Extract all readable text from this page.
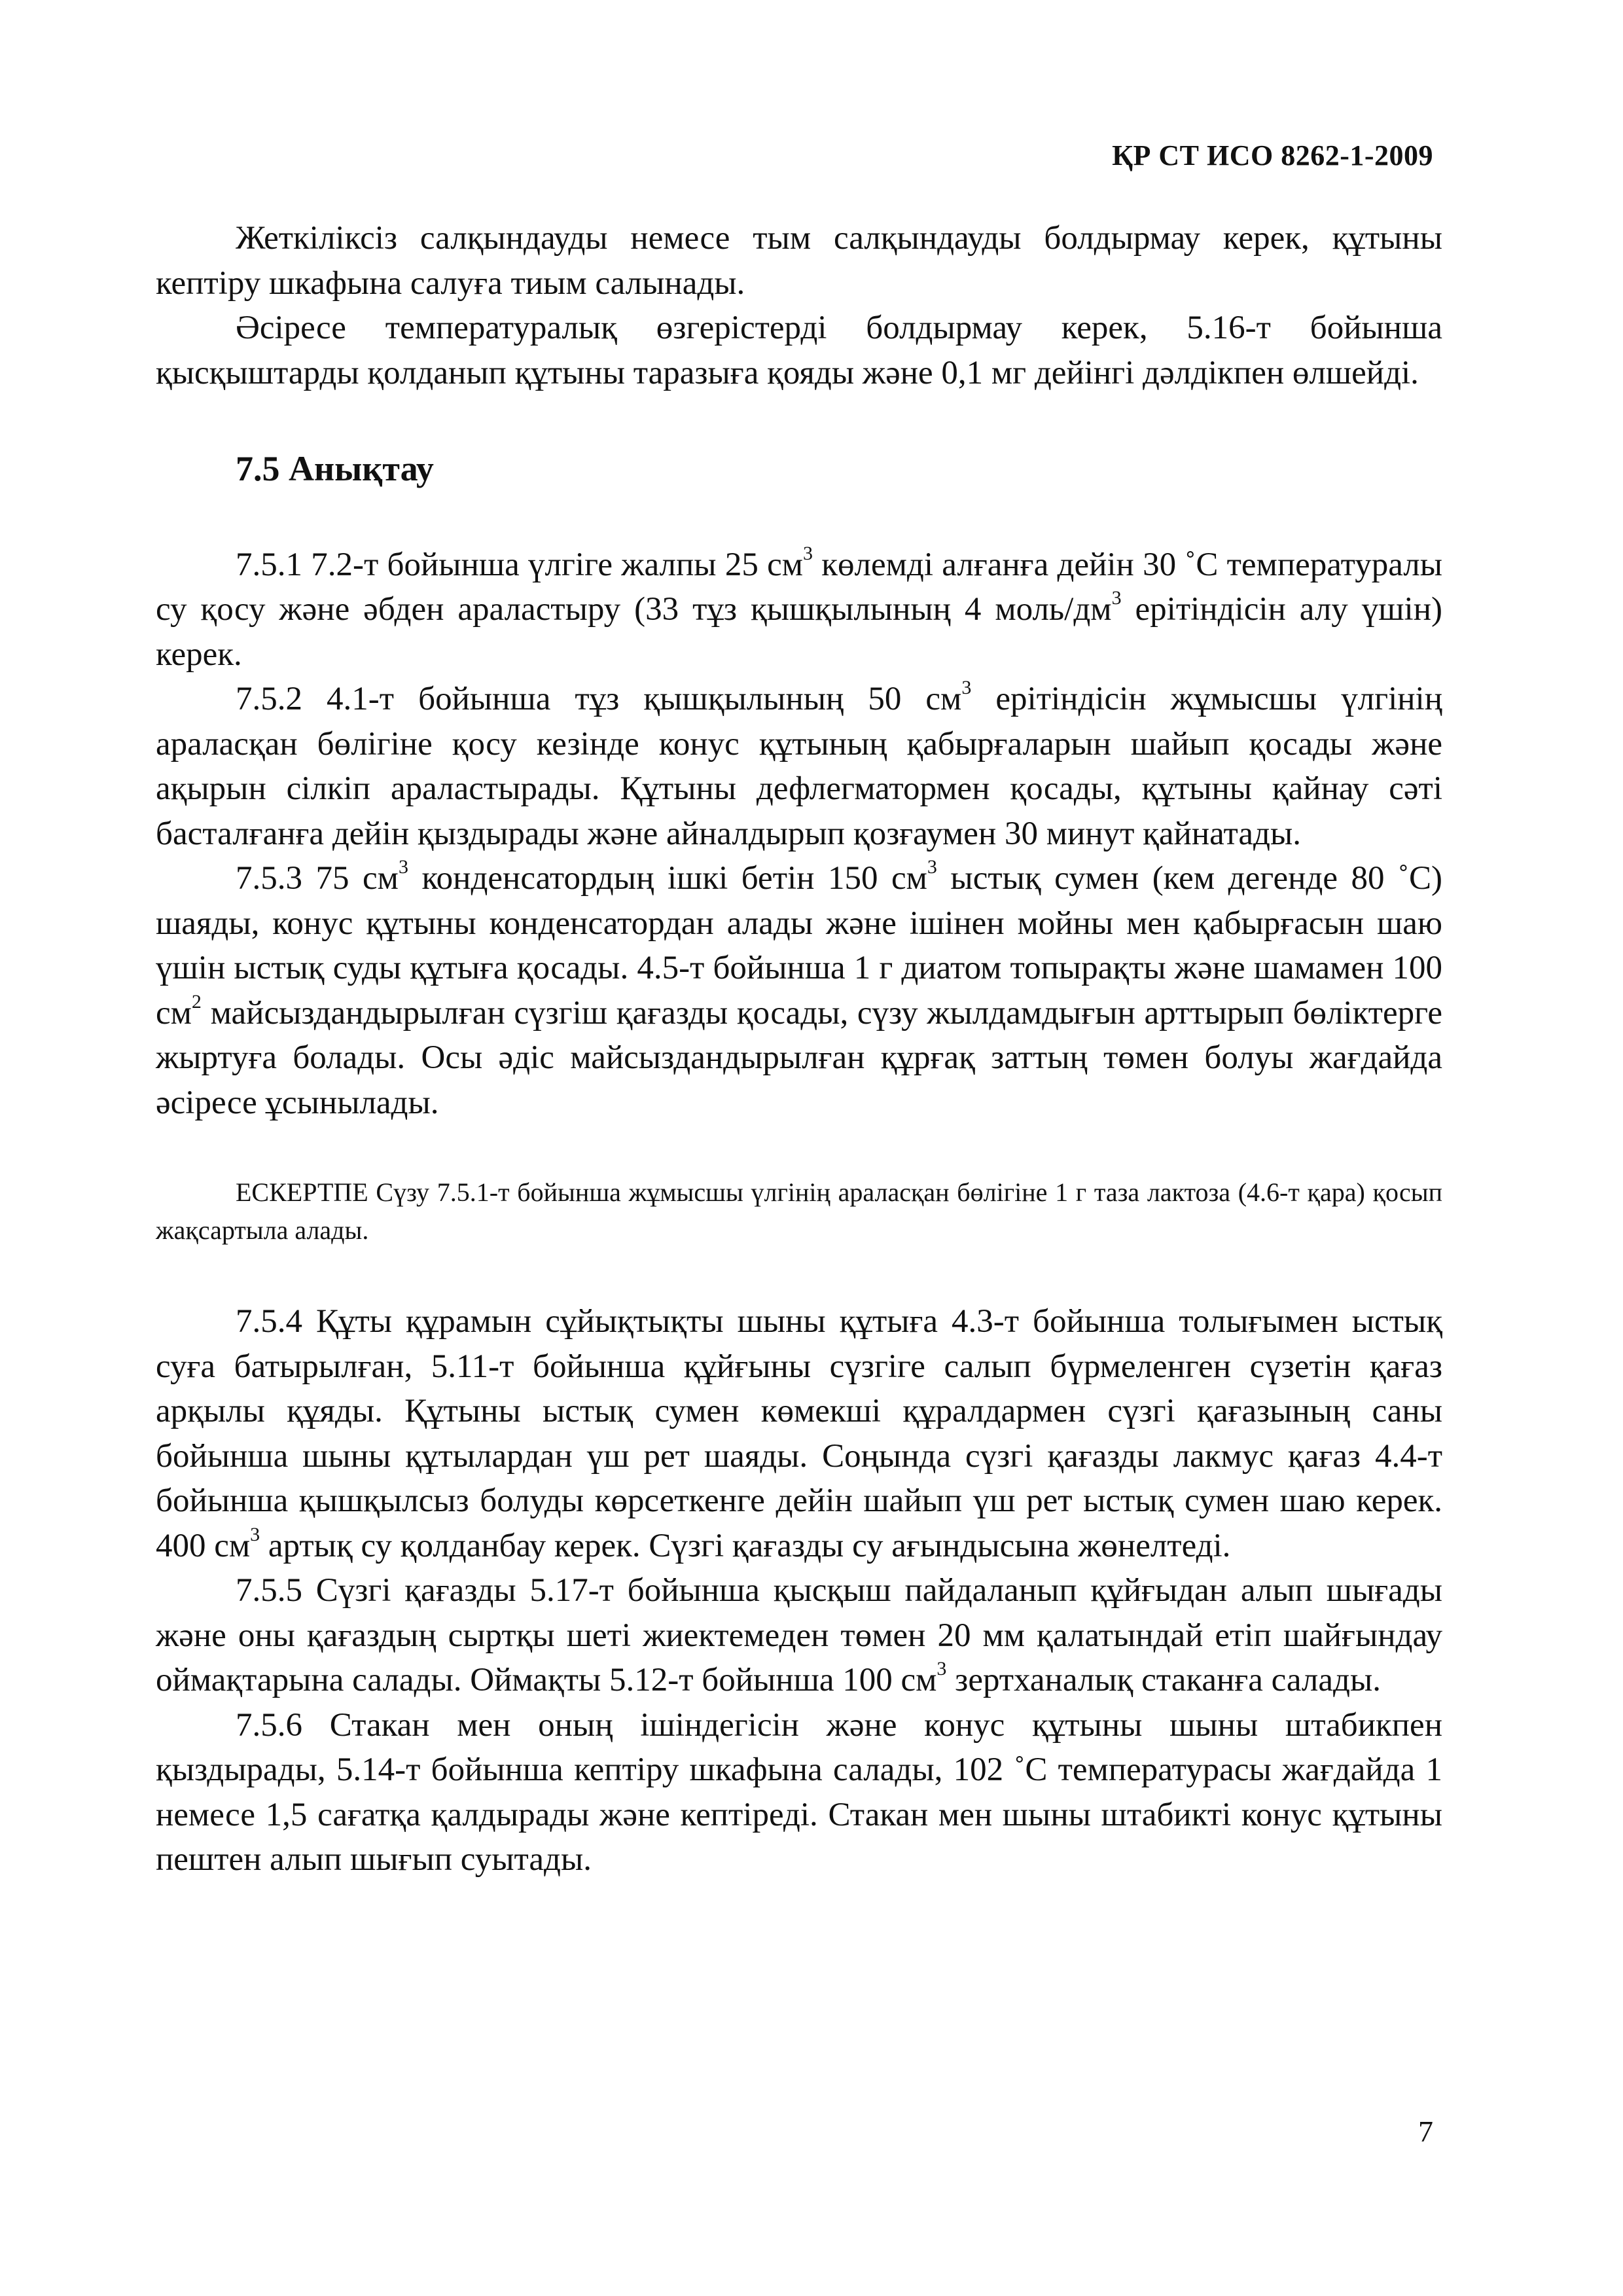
ҚР СТ ИСО 8262-1-2009

Жеткіліксіз салқындауды немесе тым салқындауды болдырмау керек, құтыны кептіру шкафына салуға тиым салынады.

Әсіресе температуралық өзгерістерді болдырмау керек, 5.16-т бойынша қысқыштарды қолданып құтыны таразыға қояды және 0,1 мг дейінгі дәлдікпен өлшейді.

7.5 Анықтау

7.5.1 7.2-т бойынша үлгіге жалпы 25 $см^3$ көлемді алғанға дейін 30 ˚С температуралы су қосу және әбден араластыру (33 тұз қышқылының 4 моль/$дм^3$ ерітіндісін алу үшін) керек.

7.5.2 4.1-т бойынша тұз қышқылының 50 $см^3$ ерітіндісін жұмысшы үлгінің араласқан бөлігіне қосу кезінде конус құтының қабырғаларын шайып қосады және ақырын сілкіп араластырады. Құтыны дефлегматормен қосады, құтыны қайнау сәті басталғанға дейін қыздырады және айналдырып қозғаумен 30 минут қайнатады.

7.5.3 75 $см^3$ конденсатордың ішкі бетін 150 $см^3$ ыстық сумен (кем дегенде 80 ˚С) шаяды, конус құтыны конденсатордан алады және ішінен мойны мен қабырғасын шаю үшін ыстық суды құтыға қосады. 4.5-т бойынша 1 г диатом топырақты және шамамен 100 $см^2$ майсыздандырылған сүзгіш қағазды қосады, сүзу жылдамдығын арттырып бөліктерге жыртуға болады. Осы әдіс майсыздандырылған құрғақ заттың төмен болуы жағдайда әсіресе ұсынылады.

ЕСКЕРТПЕ Сүзу 7.5.1-т бойынша жұмысшы үлгінің араласқан бөлігіне 1 г таза лактоза (4.6-т қара) қосып жақсартыла алады.

7.5.4 Құты құрамын сұйықтықты шыны құтыға 4.3-т бойынша толығымен ыстық суға батырылған, 5.11-т бойынша құйғыны сүзгіге салып бүрмеленген сүзетін қағаз арқылы құяды. Құтыны ыстық сумен көмекші құралдармен сүзгі қағазының саны бойынша шыны құтылардан үш рет шаяды. Соңында сүзгі қағазды лакмус қағаз 4.4-т бойынша қышқылсыз болуды көрсеткенге дейін шайып үш рет ыстық сумен шаю керек. 400 $см^3$ артық су қолданбау керек. Сүзгі қағазды су ағындысына жөнелтеді.

7.5.5 Сүзгі қағазды 5.17-т бойынша қысқыш пайдаланып құйғыдан алып шығады және оны қағаздың сыртқы шеті жиектемеден төмен 20 мм қалатындай етіп шайғындау оймақтарына салады. Оймақты 5.12-т бойынша 100 $см^3$ зертханалық стаканға салады.

7.5.6 Стакан мен оның ішіндегісін және конус құтыны шыны штабикпен қыздырады, 5.14-т бойынша кептіру шкафына салады, 102 ˚С температурасы жағдайда 1 немесе 1,5 сағатқа қалдырады және кептіреді. Стакан мен шыны штабикті конус құтыны пештен алып шығып суытады.

7
